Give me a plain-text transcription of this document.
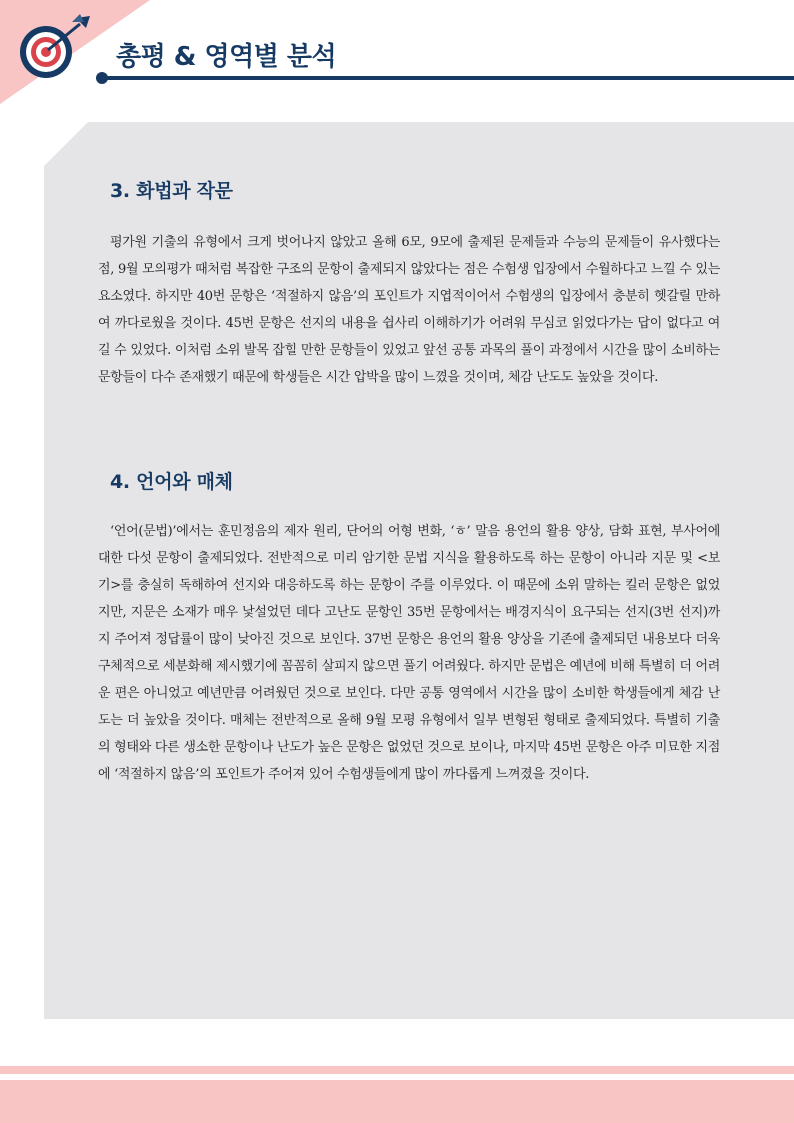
총평 & 영역별 분석
3. 화법과 작문

평가원 기출의 유형에서 크게 벗어나지 않았고 올해 6모, 9모에 출제된 문제들과 수능의 문제들이 유사했다는 점, 9월 모의평가 때처럼 복잡한 구조의 문항이 출제되지 않았다는 점은 수험생 입장에서 수월하다고 느낄 수 있는 요소였다. 하지만 40번 문항은 ‘적절하지 않음’의 포인트가 지엽적이어서 수험생의 입장에서 충분히 헷갈릴 만하여 까다로웠을 것이다. 45번 문항은 선지의 내용을 쉽사리 이해하기가 어려워 무심코 읽었다가는 답이 없다고 여길 수 있었다. 이처럼 소위 발목 잡힐 만한 문항들이 있었고 앞선 공통 과목의 풀이 과정에서 시간을 많이 소비하는 문항들이 다수 존재했기 때문에 학생들은 시간 압박을 많이 느꼈을 것이며, 체감 난도도 높았을 것이다.

4. 언어와 매체

‘언어(문법)’에서는 훈민정음의 제자 원리, 단어의 어형 변화, ‘ㅎ’ 말음 용언의 활용 양상, 담화 표현, 부사어에 대한 다섯 문항이 출제되었다. 전반적으로 미리 암기한 문법 지식을 활용하도록 하는 문항이 아니라 지문 및 <보기>를 충실히 독해하여 선지와 대응하도록 하는 문항이 주를 이루었다. 이 때문에 소위 말하는 킬러 문항은 없었지만, 지문은 소재가 매우 낯설었던 데다 고난도 문항인 35번 문항에서는 배경지식이 요구되는 선지(3번 선지)까지 주어져 정답률이 많이 낮아진 것으로 보인다. 37번 문항은 용언의 활용 양상을 기존에 출제되던 내용보다 더욱 구체적으로 세분화해 제시했기에 꼼꼼히 살피지 않으면 풀기 어려웠다. 하지만 문법은 예년에 비해 특별히 더 어려운 편은 아니었고 예년만큼 어려웠던 것으로 보인다. 다만 공통 영역에서 시간을 많이 소비한 학생들에게 체감 난도는 더 높았을 것이다. 매체는 전반적으로 올해 9월 모평 유형에서 일부 변형된 형태로 출제되었다. 특별히 기출의 형태와 다른 생소한 문항이나 난도가 높은 문항은 없었던 것으로 보이나, 마지막 45번 문항은 아주 미묘한 지점에 ‘적절하지 않음’의 포인트가 주어져 있어 수험생들에게 많이 까다롭게 느껴졌을 것이다.
